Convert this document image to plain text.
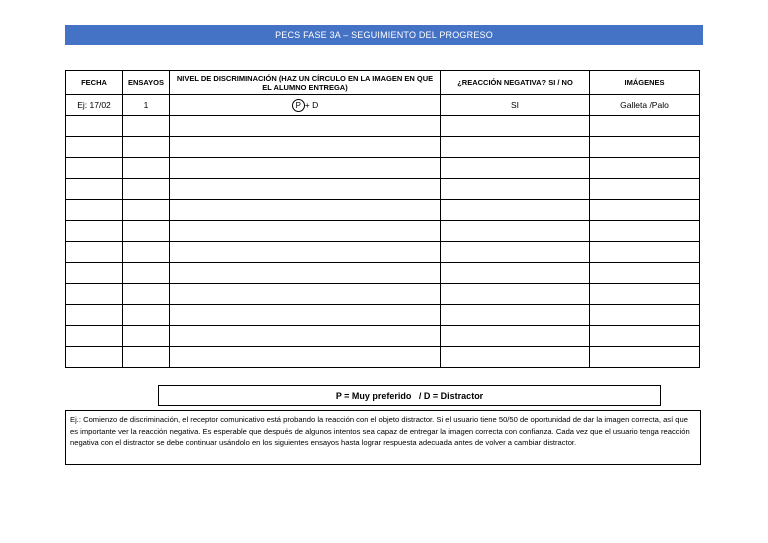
PECS FASE 3A – SEGUIMIENTO DEL PROGRESO
FECHA	ENSAYOS	NIVEL DE DISCRIMINACIÓN (HAZ UN CÍRCULO EN LA IMAGEN EN QUE EL ALUMNO ENTREGA)	¿REACCIÓN NEGATIVA? SI / NO	IMÁGENES
Ej: 17/02	1	P + D	SI	Galleta /Palo

P = Muy preferido   / D = Distractor
Ej.: Comienzo de discriminación, el receptor comunicativo está probando la reacción con el objeto distractor. Si el usuario tiene 50/50 de oportunidad de dar la imagen correcta, así que es importante ver la reacción negativa. Es esperable que después de algunos intentos sea capaz de entregar la imagen correcta con confianza. Cada vez que el usuario tenga reacción negativa con el distractor se debe continuar usándolo en los siguientes ensayos hasta lograr respuesta adecuada antes de volver a cambiar distractor.
